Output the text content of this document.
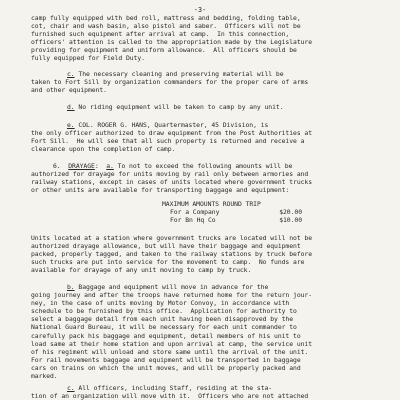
-3-
camp fully equipped with bed roll, mattress and bedding, folding table,
cot, chair and wash basin, also pistol and saber.  Officers will not be
furnished such equipment after arrival at camp.  In this connection,
officers' attention is called to the appropriation made by the Legislature
providing for equipment and uniform allowance.  All officers should be
fully equipped for Field Duty.
c. The necessary cleaning and preserving material will be
taken to Fort Sill by organization commanders for the proper care of arms
and other equipment.
d. No riding equipment will be taken to camp by any unit.
e. COL. ROGER G. HANS, Quartermaster, 45 Division, is
the only officer authorized to draw equipment from the Post Authorities at
Fort Sill.  He will see that all such property is returned and receive a
clearance upon the completion of camp.
6. DRAYAGE:  a. To not to exceed the following amounts will be
authorized for drayage for units moving by rail only between armories and
railway stations, except in cases of units located where government trucks
or other units are available for transporting baggage and equipment:
MAXIMUM AMOUNTS ROUND TRIP
For a Company	$20.00
For Bn Hq Co	$10.00
Units located at a station where government trucks are located will not be
authorized drayage allowance, but will have their baggage and equipment
packed, properly tagged, and taken to the railway stations by truck before
such trucks are put into service for the movement to camp.  No funds are
available for drayage of any unit moving to camp by truck.
b. Baggage and equipment will move in advance for the
going journey and after the troops have returned home for the return jour-
ney, in the case of units moving by Motor Convoy, in accordance with
schedule to be furnished by this office.  Application for authority to
select a baggage detail from each unit having been disapproved by the
National Guard Bureau, it will be necessary for each unit commander to
carefully pack his baggage and equipment, detail members of his unit to
load same at their home station and upon arrival at camp, the service unit
of his regiment will unload and store same until the arrival of the unit.
For rail movements baggage and equipment will be transported in baggage
cars on trains on which the unit moves, and will be properly packed and
marked.
c. All officers, including Staff, residing at the sta-
tion of an organization will move with it.  Officers who are not attached
